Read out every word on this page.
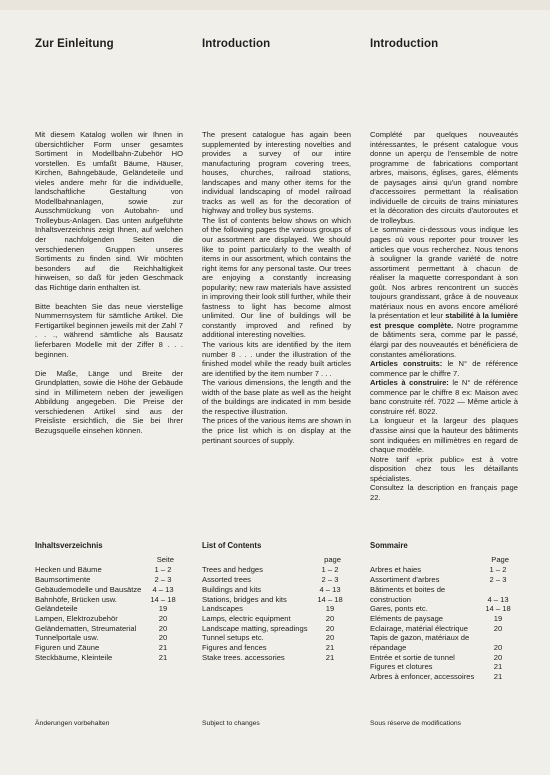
Zur Einleitung	Introduction	Introduction

Mit diesem Katalog wollen wir Ihnen in übersichtlicher Form unser gesamtes Sortiment in Modellbahn-Zubehör HO vorstellen. Es umfaßt Bäume, Häuser, Kirchen, Bahngebäude, Geländeteile und vieles andere mehr für die individuelle, landschaftliche Gestaltung von Modellbahnanlagen, sowie zur Ausschmückung von Autobahn- und Trolleybus-Anlagen. Das unten aufgeführte Inhaltsverzeichnis zeigt Ihnen, auf welchen der nachfolgenden Seiten die verschiedenen Gruppen unseres Sortiments zu finden sind. Wir möchten besonders auf die Reichhaltigkeit hinweisen, so daß für jeden Geschmack das Richtige darin enthalten ist.

Bitte beachten Sie das neue vierstellige Nummernsystem für sämtliche Artikel. Die Fertigartikel beginnen jeweils mit der Zahl 7 . . ., während sämtliche als Bausatz lieferbaren Modelle mit der Ziffer 8 . . . beginnen.

Die Maße, Länge und Breite der Grundplatten, sowie die Höhe der Gebäude sind in Millimetern neben der jeweiligen Abbildung angegeben. Die Preise der verschiedenen Artikel sind aus der Preisliste ersichtlich, die Sie bei Ihrer Bezugsquelle einsehen können.

The present catalogue has again been supplemented by interesting novelties and provides a survey of our intire manufacturing program covering trees, houses, churches, railroad stations, landscapes and many other items for the individual landscaping of model railroad tracks as well as for the decoration of highway and trolley bus systems.

The list of contents below shows on which of the following pages the various groups of our assortment are displayed. We should like to point particularly to the wealth of items in our assortment, which contains the right items for any personal taste. Our trees are enjoying a constantly increasing popularity; new raw materials have assisted in improving their look still further, while their fastness to light has become almost unlimited. Our line of buildings will be constantly improved and refined by additional interesting novelties.

The various kits are identified by the item number 8 . . . under the illustration of the finished model while the ready built articles are identified by the item number 7 . . .

The various dimensions, the length and the width of the base plate as well as the height of the buildings are indicated in mm beside the respective illustration.

The prices of the various items are shown in the price list which is on display at the pertinant sources of supply.

Complété par quelques nouveautés intéressantes, le présent catalogue vous donne un aperçu de l'ensemble de notre programme de fabrications comportant arbres, maisons, églises, gares, éléments de paysages ainsi qu'un grand nombre d'accessoires permettant la réalisation individuelle de circuits de trains miniatures et la décoration des circuits d'autoroutes et de trolleybus.

Le sommaire ci-dessous vous indique les pages où vous reporter pour trouver les articles que vous recherchez. Nous tenons à souligner la grande variété de notre assortiment permettant à chacun de réaliser la maquette correspondant à son goût. Nos arbres rencontrent un succès toujours grandissant, grâce à de nouveaux matériaux nous en avons encore amélioré la présentation et leur stabilité à la lumière est presque complète. Notre programme de bâtiments sera, comme par le passé, élargi par des nouveautés et bénéficiera de constantes améliorations.

Articles construits: le N° de référence commence par le chiffre 7.

Articles à construire: le N° de référence commence par le chiffre 8 ex: Maison avec banc construite réf. 7022 — Même article à construire réf. 8022.

La longueur et la largeur des plaques d'assise ainsi que la hauteur des bâtiments sont indiquées en millimètres en regard de chaque modèle.

Notre tarif «prix public» est à votre disposition chez tous les détaillants spécialistes.

Consultez la description en français page 22.

Inhaltsverzeichnis
Seite
Hecken und Bäume	1 – 2
Baumsortimente	2 – 3
Gebäudemodelle und Bausätze	4 – 13
Bahnhöfe, Brücken usw.	14 – 18
Geländeteile	19
Lampen, Elektrozubehör	20
Geländematten, Streumaterial	20
Tunnelportale usw.	20
Figuren und Zäune	21
Steckbäume, Kleinteile	21
List of Contents
page
Trees and hedges	1 – 2
Assorted trees	2 – 3
Buildings and kits	4 – 13
Stations, bridges and kits	14 – 18
Landscapes	19
Lamps, electric equipment	20
Landscape matting, spreadings	20
Tunnel setups etc.	20
Figures and fences	21
Stake trees. accessories	21
Sommaire
Page
Arbres et haies	1 – 2
Assortiment d'arbres	2 – 3
Bâtiments et boites de construction	4 – 13
Gares, ponts etc.	14 – 18
Eléments de paysage	19
Eclairage, matérial électrique	20
Tapis de gazon, matériaux de répandage	20
Entrée et sortie de tunnel	20
Figures et clotures	21
Arbres à enfoncer, accessoires	21
Änderungen vorbehalten	Subject to changes	Sous réserve de modifications
